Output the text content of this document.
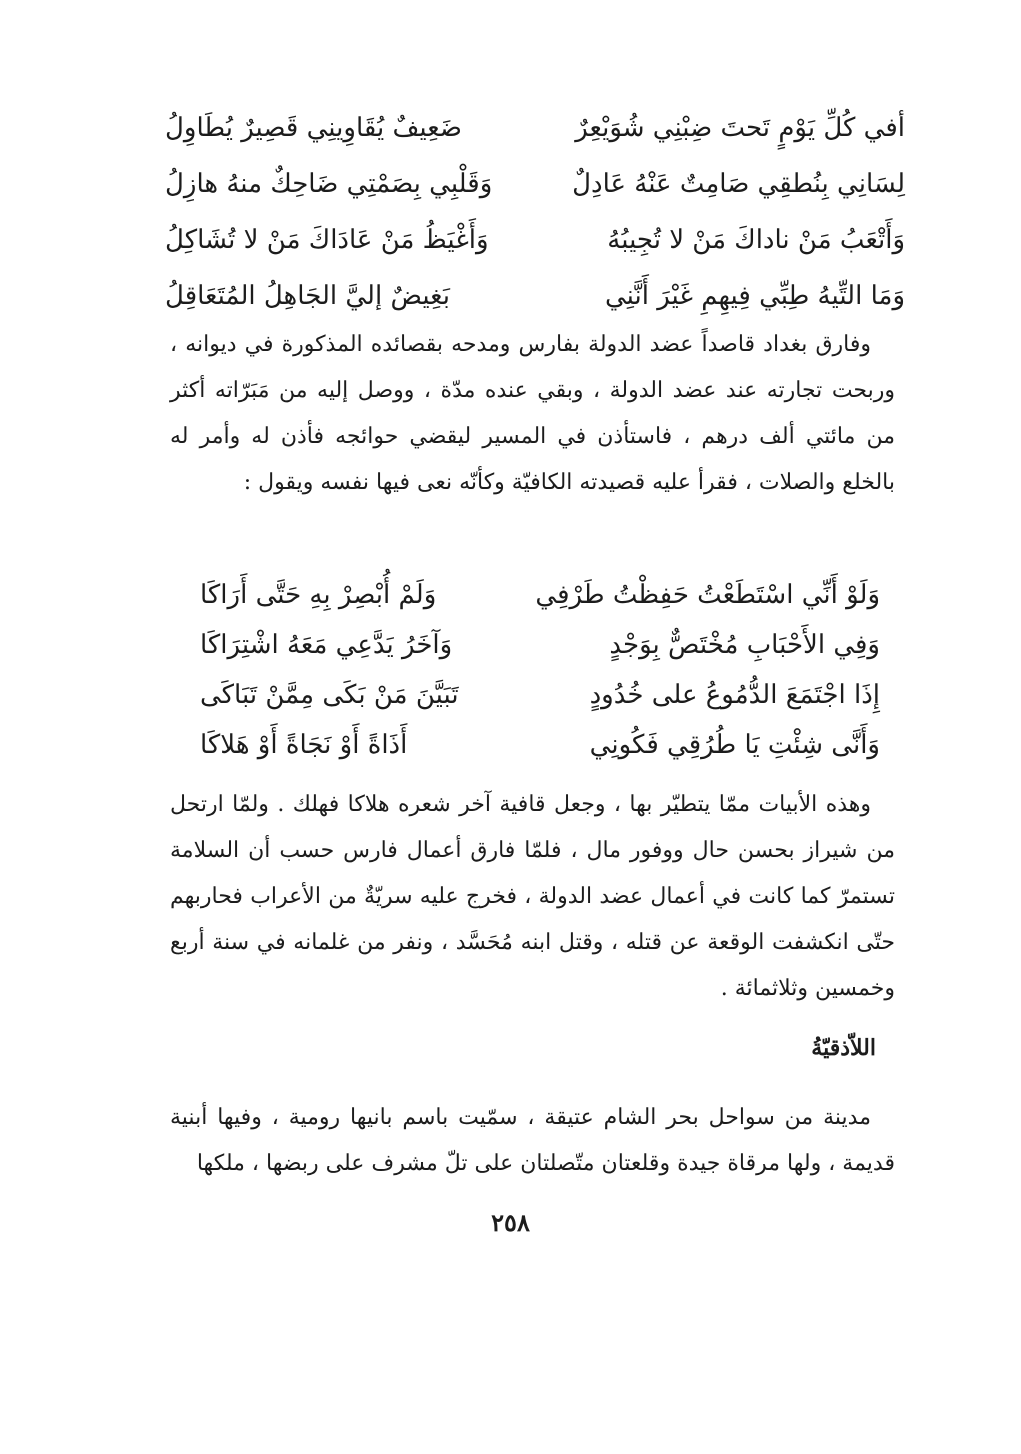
أفي كُلِّ يَوْمٍ تَحتَ ضِبْنِي شُوَيْعِرٌ
ضَعِيفٌ يُقَاوِينِي قَصِيرٌ يُطَاوِلُ
لِسَانِي بِنُطقِي صَامِتٌ عَنْهُ عَادِلٌ
وَقَلْبِي بِصَمْتِي ضَاحِكٌ منهُ هازِلُ
وَأَتْعَبُ مَنْ ناداكَ مَنْ لا تُجِيبُهُ
وَأَغْيَظُ مَنْ عَادَاكَ مَنْ لا تُشَاكِلُ
وَمَا التِّيهُ طِبِّي فِيهِمِ غَيْرَ أَنَّنِي
بَغِيضٌ إليَّ الجَاهِلُ المُتَعَاقِلُ

وفارق بغداد قاصداً عضد الدولة بفارس ومدحه بقصائده المذكورة في ديوانه ، وربحت تجارته عند عضد الدولة ، وبقي عنده مدّة ، ووصل إليه من مَبَرّاته أكثر من مائتي ألف درهم ، فاستأذن في المسير ليقضي حوائجه فأذن له وأمر له بالخلع والصلات ، فقرأ عليه قصيدته الكافيّة وكأنّه نعى فيها نفسه ويقول :

وَلَوْ أَنِّي اسْتَطَعْتُ حَفِظْتُ طَرْفِي
وَلَمْ أُبْصِرْ بِهِ حَتَّى أَرَاكَا
وَفِي الأَحْبَابِ مُخْتَصٌّ بِوَجْدٍ
وَآخَرُ يَدَّعِي مَعَهُ اشْتِرَاكَا
إِذَا اجْتَمَعَ الدُّمُوعُ على خُدُودٍ
تَبَيَّنَ مَنْ بَكَى مِمَّنْ تَبَاكَى
وَأَنَّى شِئْتِ يَا طُرُقِي فَكُونِي
أَذَاةً أَوْ نَجَاةً أَوْ هَلاكَا

وهذه الأبيات ممّا يتطيّر بها ، وجعل قافية آخر شعره هلاكا فهلك . ولمّا ارتحل من شيراز بحسن حال ووفور مال ، فلمّا فارق أعمال فارس حسب أن السلامة تستمرّ كما كانت في أعمال عضد الدولة ، فخرج عليه سريّةٌ من الأعراب فحاربهم حتّى انكشفت الوقعة عن قتله ، وقتل ابنه مُحَسَّد ، ونفر من غلمانه في سنة أربع وخمسين وثلاثمائة .

اللاّذقيّةُ

مدينة من سواحل بحر الشام عتيقة ، سمّيت باسم بانيها رومية ، وفيها أبنية قديمة ، ولها مرقاة جيدة وقلعتان متّصلتان على تلّ مشرف على ربضها ، ملكها

٢٥٨
